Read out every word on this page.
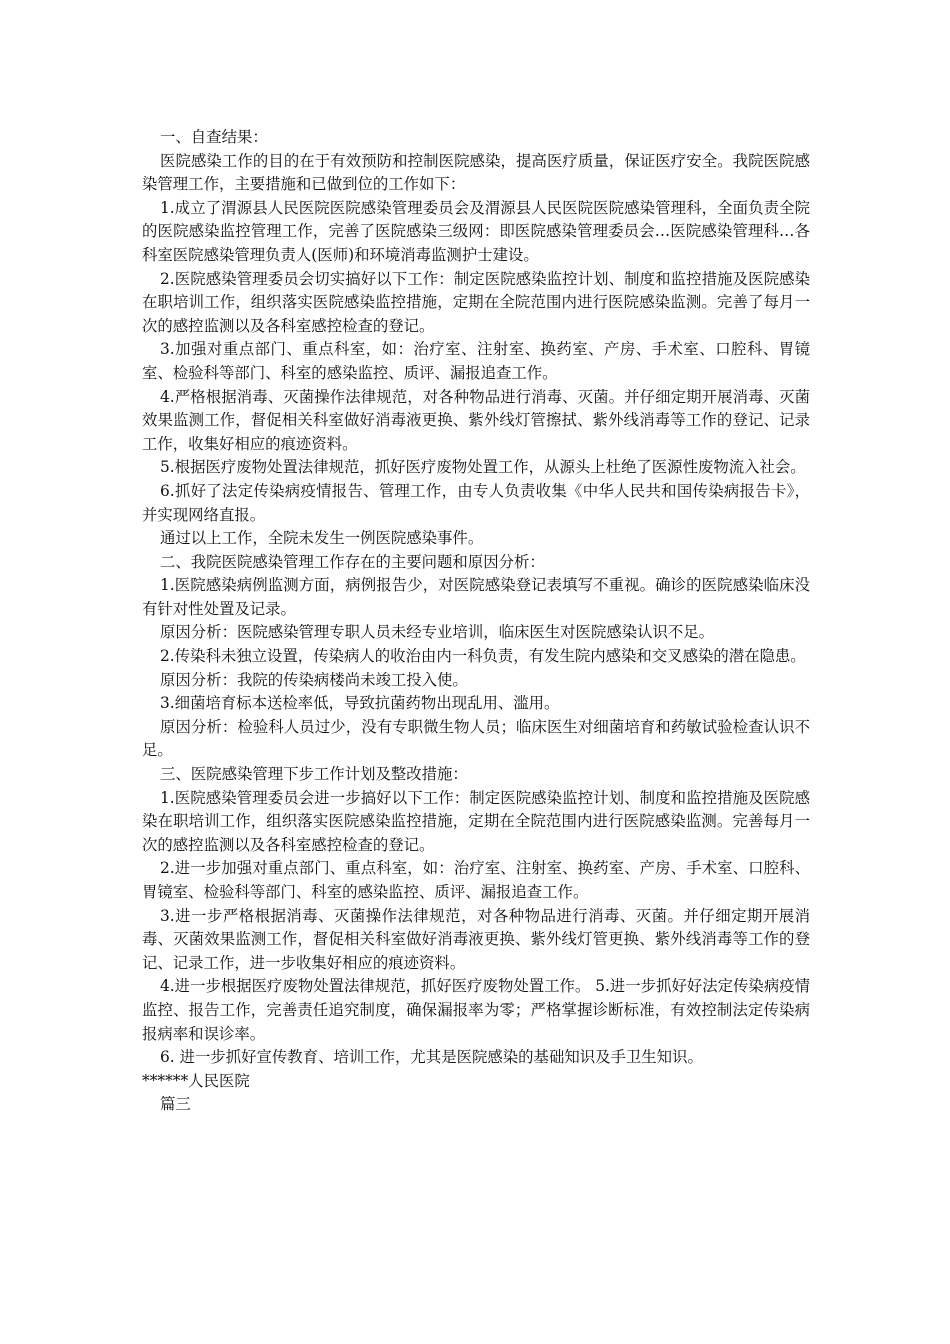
一、自查结果：

医院感染工作的目的在于有效预防和控制医院感染，提高医疗质量，保证医疗安全。我院医院感染管理工作，主要措施和已做到位的工作如下：

1.成立了渭源县人民医院医院感染管理委员会及渭源县人民医院医院感染管理科，全面负责全院的医院感染监控管理工作，完善了医院感染三级网：即医院感染管理委员会…医院感染管理科…各科室医院感染管理负责人(医师)和环境消毒监测护士建设。

2.医院感染管理委员会切实搞好以下工作：制定医院感染监控计划、制度和监控措施及医院感染在职培训工作，组织落实医院感染监控措施，定期在全院范围内进行医院感染监测。完善了每月一次的感控监测以及各科室感控检查的登记。

3.加强对重点部门、重点科室，如：治疗室、注射室、换药室、产房、手术室、口腔科、胃镜室、检验科等部门、科室的感染监控、质评、漏报追查工作。

4.严格根据消毒、灭菌操作法律规范，对各种物品进行消毒、灭菌。并仔细定期开展消毒、灭菌效果监测工作，督促相关科室做好消毒液更换、紫外线灯管擦拭、紫外线消毒等工作的登记、记录工作，收集好相应的痕迹资料。

5.根据医疗废物处置法律规范，抓好医疗废物处置工作，从源头上杜绝了医源性废物流入社会。

6.抓好了法定传染病疫情报告、管理工作，由专人负责收集《中华人民共和国传染病报告卡》，并实现网络直报。

通过以上工作，全院未发生一例医院感染事件。

二、我院医院感染管理工作存在的主要问题和原因分析：

1.医院感染病例监测方面，病例报告少，对医院感染登记表填写不重视。确诊的医院感染临床没有针对性处置及记录。

原因分析：医院感染管理专职人员未经专业培训，临床医生对医院感染认识不足。

2.传染科未独立设置，传染病人的收治由内一科负责，有发生院内感染和交叉感染的潜在隐患。

原因分析：我院的传染病楼尚未竣工投入使。

3.细菌培育标本送检率低，导致抗菌药物出现乱用、滥用。

原因分析：检验科人员过少，没有专职微生物人员；临床医生对细菌培育和药敏试验检查认识不足。

三、医院感染管理下步工作计划及整改措施：

1.医院感染管理委员会进一步搞好以下工作：制定医院感染监控计划、制度和监控措施及医院感染在职培训工作，组织落实医院感染监控措施，定期在全院范围内进行医院感染监测。完善每月一次的感控监测以及各科室感控检查的登记。

2.进一步加强对重点部门、重点科室，如：治疗室、注射室、换药室、产房、手术室、口腔科、胃镜室、检验科等部门、科室的感染监控、质评、漏报追查工作。

3.进一步严格根据消毒、灭菌操作法律规范，对各种物品进行消毒、灭菌。并仔细定期开展消毒、灭菌效果监测工作，督促相关科室做好消毒液更换、紫外线灯管更换、紫外线消毒等工作的登记、记录工作，进一步收集好相应的痕迹资料。

4.进一步根据医疗废物处置法律规范，抓好医疗废物处置工作。 5.进一步抓好好法定传染病疫情监控、报告工作，完善责任追究制度，确保漏报率为零；严格掌握诊断标准，有效控制法定传染病报病率和误诊率。

6. 进一步抓好宣传教育、培训工作，尤其是医院感染的基础知识及手卫生知识。

******人民医院

篇三
